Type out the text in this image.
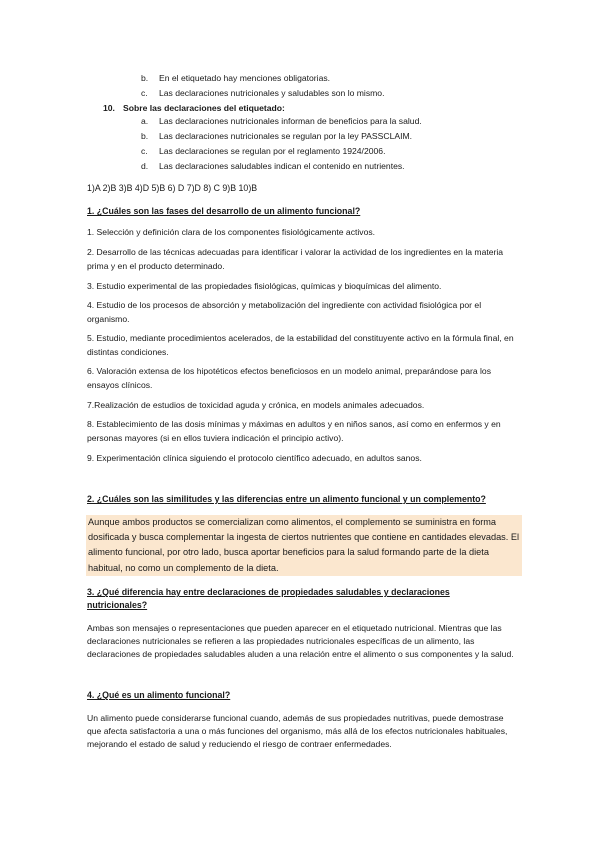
b. En el etiquetado hay menciones obligatorias.
c. Las declaraciones nutricionales y saludables son lo mismo.
10. Sobre las declaraciones del etiquetado:
a. Las declaraciones nutricionales informan de beneficios para la salud.
b. Las declaraciones nutricionales se regulan por la ley PASSCLAIM.
c. Las declaraciones se regulan por el reglamento 1924/2006.
d. Las declaraciones saludables indican el contenido en nutrientes.
1)A 2)B 3)B 4)D 5)B 6) D 7)D 8) C 9)B 10)B
1. ¿Cuáles son las fases del desarrollo de un alimento funcional?
1. Selección y definición clara de los componentes fisiológicamente activos.
2. Desarrollo de las técnicas adecuadas para identificar i valorar la actividad de los ingredientes en la materia prima y en el producto determinado.
3. Estudio experimental de las propiedades fisiológicas, químicas y bioquímicas del alimento.
4. Estudio de los procesos de absorción y metabolización del ingrediente con actividad fisiológica por el organismo.
5. Estudio, mediante procedimientos acelerados, de la estabilidad del constituyente activo en la fórmula final, en distintas condiciones.
6. Valoración extensa de los hipotéticos efectos beneficiosos en un modelo animal, preparándose para los ensayos clínicos.
7.Realización de estudios de toxicidad aguda y crónica, en models animales adecuados.
8. Establecimiento de las dosis mínimas y máximas en adultos y en niños sanos, así como en enfermos y en personas mayores (si en ellos tuviera indicación el principio activo).
9. Experimentación clínica siguiendo el protocolo científico adecuado, en adultos sanos.
2. ¿Cuáles son las similitudes y las diferencias entre un alimento funcional y un complemento?
Aunque ambos productos se comercializan como alimentos, el complemento se suministra en forma dosificada y busca complementar la ingesta de ciertos nutrientes que contiene en cantidades elevadas. El alimento funcional, por otro lado, busca aportar beneficios para la salud formando parte de la dieta habitual, no como un complemento de la dieta.
3. ¿Qué diferencia hay entre declaraciones de propiedades saludables y declaraciones nutricionales?
Ambas son mensajes o representaciones que pueden aparecer en el etiquetado nutricional. Mientras que las declaraciones nutricionales se refieren a las propiedades nutricionales específicas de un alimento, las declaraciones de propiedades saludables aluden a una relación entre el alimento o sus componentes y la salud.
4. ¿Qué es un alimento funcional?
Un alimento puede considerarse funcional cuando, además de sus propiedades nutritivas, puede demostrase que afecta satisfactoria a una o más funciones del organismo, más allá de los efectos nutricionales habituales, mejorando el estado de salud y reduciendo el riesgo de contraer enfermedades.
